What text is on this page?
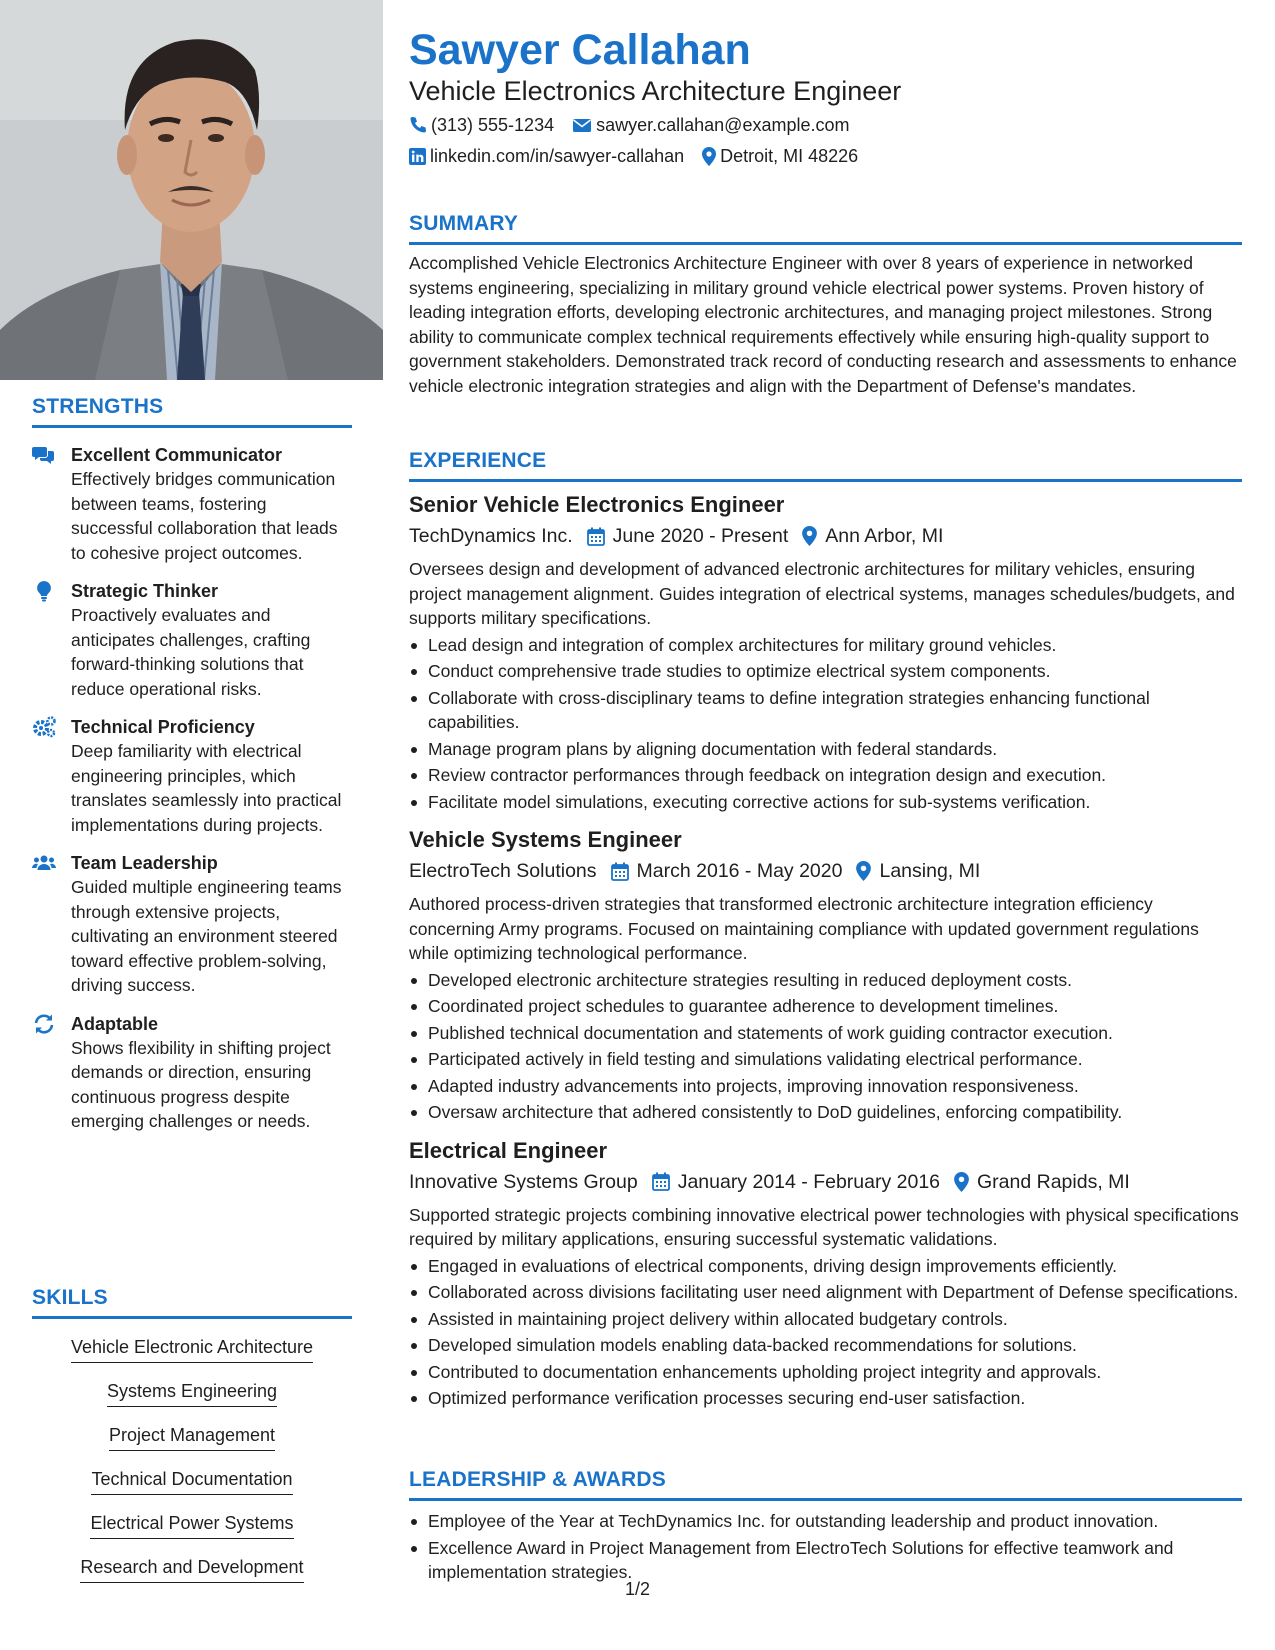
STRENGTHS
Excellent Communicator
Effectively bridges communication between teams, fostering successful collaboration that leads to cohesive project outcomes.
Strategic Thinker
Proactively evaluates and anticipates challenges, crafting forward-thinking solutions that reduce operational risks.
Technical Proficiency
Deep familiarity with electrical engineering principles, which translates seamlessly into practical implementations during projects.
Team Leadership
Guided multiple engineering teams through extensive projects, cultivating an environment steered toward effective problem-solving, driving success.
Adaptable
Shows flexibility in shifting project demands or direction, ensuring continuous progress despite emerging challenges or needs.
SKILLS
Vehicle Electronic Architecture
Systems Engineering
Project Management
Technical Documentation
Electrical Power Systems
Research and Development
Sawyer Callahan
Vehicle Electronics Architecture Engineer
(313) 555-1234 sawyer.callahan@example.com
linkedin.com/in/sawyer-callahan Detroit, MI 48226
SUMMARY
Accomplished Vehicle Electronics Architecture Engineer with over 8 years of experience in networked systems engineering, specializing in military ground vehicle electrical power systems. Proven history of leading integration efforts, developing electronic architectures, and managing project milestones. Strong ability to communicate complex technical requirements effectively while ensuring high-quality support to government stakeholders. Demonstrated track record of conducting research and assessments to enhance vehicle electronic integration strategies and align with the Department of Defense's mandates.
EXPERIENCE
Senior Vehicle Electronics Engineer
TechDynamics Inc. June 2020 - Present Ann Arbor, MI
Oversees design and development of advanced electronic architectures for military vehicles, ensuring project management alignment. Guides integration of electrical systems, manages schedules/budgets, and supports military specifications.
Lead design and integration of complex architectures for military ground vehicles.
Conduct comprehensive trade studies to optimize electrical system components.
Collaborate with cross-disciplinary teams to define integration strategies enhancing functional capabilities.
Manage program plans by aligning documentation with federal standards.
Review contractor performances through feedback on integration design and execution.
Facilitate model simulations, executing corrective actions for sub-systems verification.
Vehicle Systems Engineer
ElectroTech Solutions March 2016 - May 2020 Lansing, MI
Authored process-driven strategies that transformed electronic architecture integration efficiency concerning Army programs. Focused on maintaining compliance with updated government regulations while optimizing technological performance.
Developed electronic architecture strategies resulting in reduced deployment costs.
Coordinated project schedules to guarantee adherence to development timelines.
Published technical documentation and statements of work guiding contractor execution.
Participated actively in field testing and simulations validating electrical performance.
Adapted industry advancements into projects, improving innovation responsiveness.
Oversaw architecture that adhered consistently to DoD guidelines, enforcing compatibility.
Electrical Engineer
Innovative Systems Group January 2014 - February 2016 Grand Rapids, MI
Supported strategic projects combining innovative electrical power technologies with physical specifications required by military applications, ensuring successful systematic validations.
Engaged in evaluations of electrical components, driving design improvements efficiently.
Collaborated across divisions facilitating user need alignment with Department of Defense specifications.
Assisted in maintaining project delivery within allocated budgetary controls.
Developed simulation models enabling data-backed recommendations for solutions.
Contributed to documentation enhancements upholding project integrity and approvals.
Optimized performance verification processes securing end-user satisfaction.
LEADERSHIP & AWARDS
Employee of the Year at TechDynamics Inc. for outstanding leadership and product innovation.
Excellence Award in Project Management from ElectroTech Solutions for effective teamwork and implementation strategies.
1/2
